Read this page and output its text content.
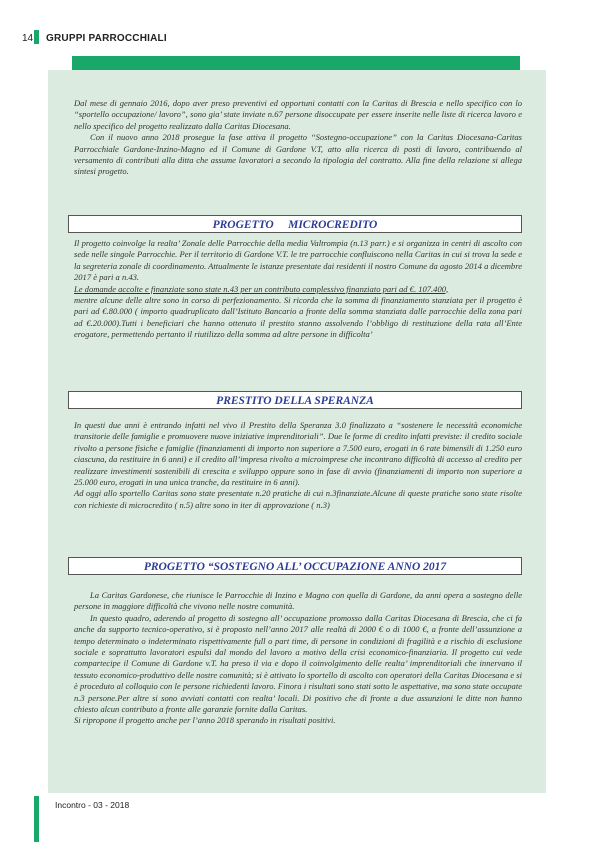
14 GRUPPI PARROCCHIALI

Dal mese di gennaio 2016, dopo aver preso preventivi ed opportuni contatti con la Caritas di Brescia e nello specifico con lo “sportello occupazione/ lavoro”, sono gia’ state inviate n.67 persone disoccupate per essere inserite nelle liste di ricerca lavoro e nello specifico del progetto realizzato dalla Caritas Diocesana.

Con il nuovo anno 2018 prosegue la fase attiva il progetto “Sostegno-occupazione” con la Caritas Diocesana-Caritas Parrocchiale Gardone-Inzino-Magno ed il Comune di Gardone V.T, atto alla ricerca di posti di lavoro, contribuendo al versamento di contributi alla ditta che assume lavoratori a secondo la tipologia del contratto. Alla fine della relazione si allega sintesi progetto.

PROGETTO     MICROCREDITO

Il progetto coinvolge la realta’ Zonale delle Parrocchie della media Valtrompia (n.13 parr.) e si organizza in centri di ascolto con sede nelle singole Parrocchie. Per il territorio di Gardone V.T. le tre parrocchie confluiscono nella Caritas in cui si trova la sede e la segreteria zonale di coordinamento. Attualmente le istanze presentate dai residenti il nostro Comune da agosto 2014 a dicembre 2017 è pari a n.43.

Le domande accolte e finanziate sono state n.43 per un contributo complessivo finanziato pari ad €. 107.400,

mentre alcune delle altre sono in corso di perfezionamento. Si ricorda che la somma di finanziamento stanziata per il progetto è pari ad €.80.000 ( importo quadruplicato dall’Istituto Bancario a fronte della somma stanziata dalle parrocchie della zona pari ad €.20.000).Tutti i beneficiari che hanno ottenuto il prestito stanno assolvendo l’obbligo di restituzione della rata all’Ente erogatore, permettendo pertanto il riutilizzo della somma ad altre persone in difficolta’

PRESTITO DELLA SPERANZA

In questi due anni è entrando infatti nel vivo il Prestito della Speranza 3.0 finalizzato a “sostenere le necessità economiche transitorie delle famiglie e promuovere nuove iniziative imprenditoriali”. Due le forme di credito infatti previste: il credito sociale rivolto a persone fisiche e famiglie (finanziamenti di importo non superiore a 7.500 euro, erogati in 6 rate bimensili di 1.250 euro ciascuna, da restituire in 6 anni) e il credito all’impresa rivolto a microimprese che incontrano difficoltà di accesso al credito per realizzare investimenti sostenibili di crescita e sviluppo oppure sono in fase di avvio (finanziamenti di importo non superiore a 25.000 euro, erogati in una unica tranche, da restituire in 6 anni).

Ad oggi allo sportello Caritas sono state presentate n.20 pratiche di cui n.3finanziate.Alcune di queste pratiche sono state risolte con richieste di microcredito ( n.5) altre sono in iter di approvazione ( n.3)

PROGETTO “SOSTEGNO ALL’ OCCUPAZIONE ANNO 2017

La Caritas Gardonese, che riunisce le Parrocchie di Inzino e Magno con quella di Gardone, da anni opera a sostegno delle persone in maggiore difficoltà che vivono nelle nostre comunità.

In questo quadro, aderendo al progetto di sostegno all’ occupazione promosso dalla Caritas Diocesana di Brescia, che ci fa anche da supporto tecnico-operativo, si è proposto nell’anno 2017 alle realtà di 2000 € o di 1000 €, a fronte dell’assunzione a tempo determinato o indeterminato rispettivamente full o part time, di persone in condizioni di fragilità e a rischio di esclusione sociale e soprattutto lavoratori espulsi dal mondo del lavoro a motivo della crisi economico-finanziaria. Il progetto cui vede compartecipe il Comune di Gardone v.T. ha preso il via e dopo il coinvolgimento delle realta’ imprenditoriali che innervano il tessuto economico-produttivo delle nostre comunità; si è attivato lo sportello di ascolto con operatori della Caritas Diocesana e si è proceduto al colloquio con le persone richiedenti lavoro. Finora i risultati sono stati sotto le aspettative, ma sono state occupate n.3 persone.Per altre si sono avviati contatti con realta’ locali. Di positivo che di fronte a due assunzioni le ditte non hanno chiesto alcun contributo a fronte alle garanzie fornite dalla Caritas.

Si ripropone il progetto anche per l’anno 2018 sperando in risultati positivi.

Incontro - 03 - 2018
